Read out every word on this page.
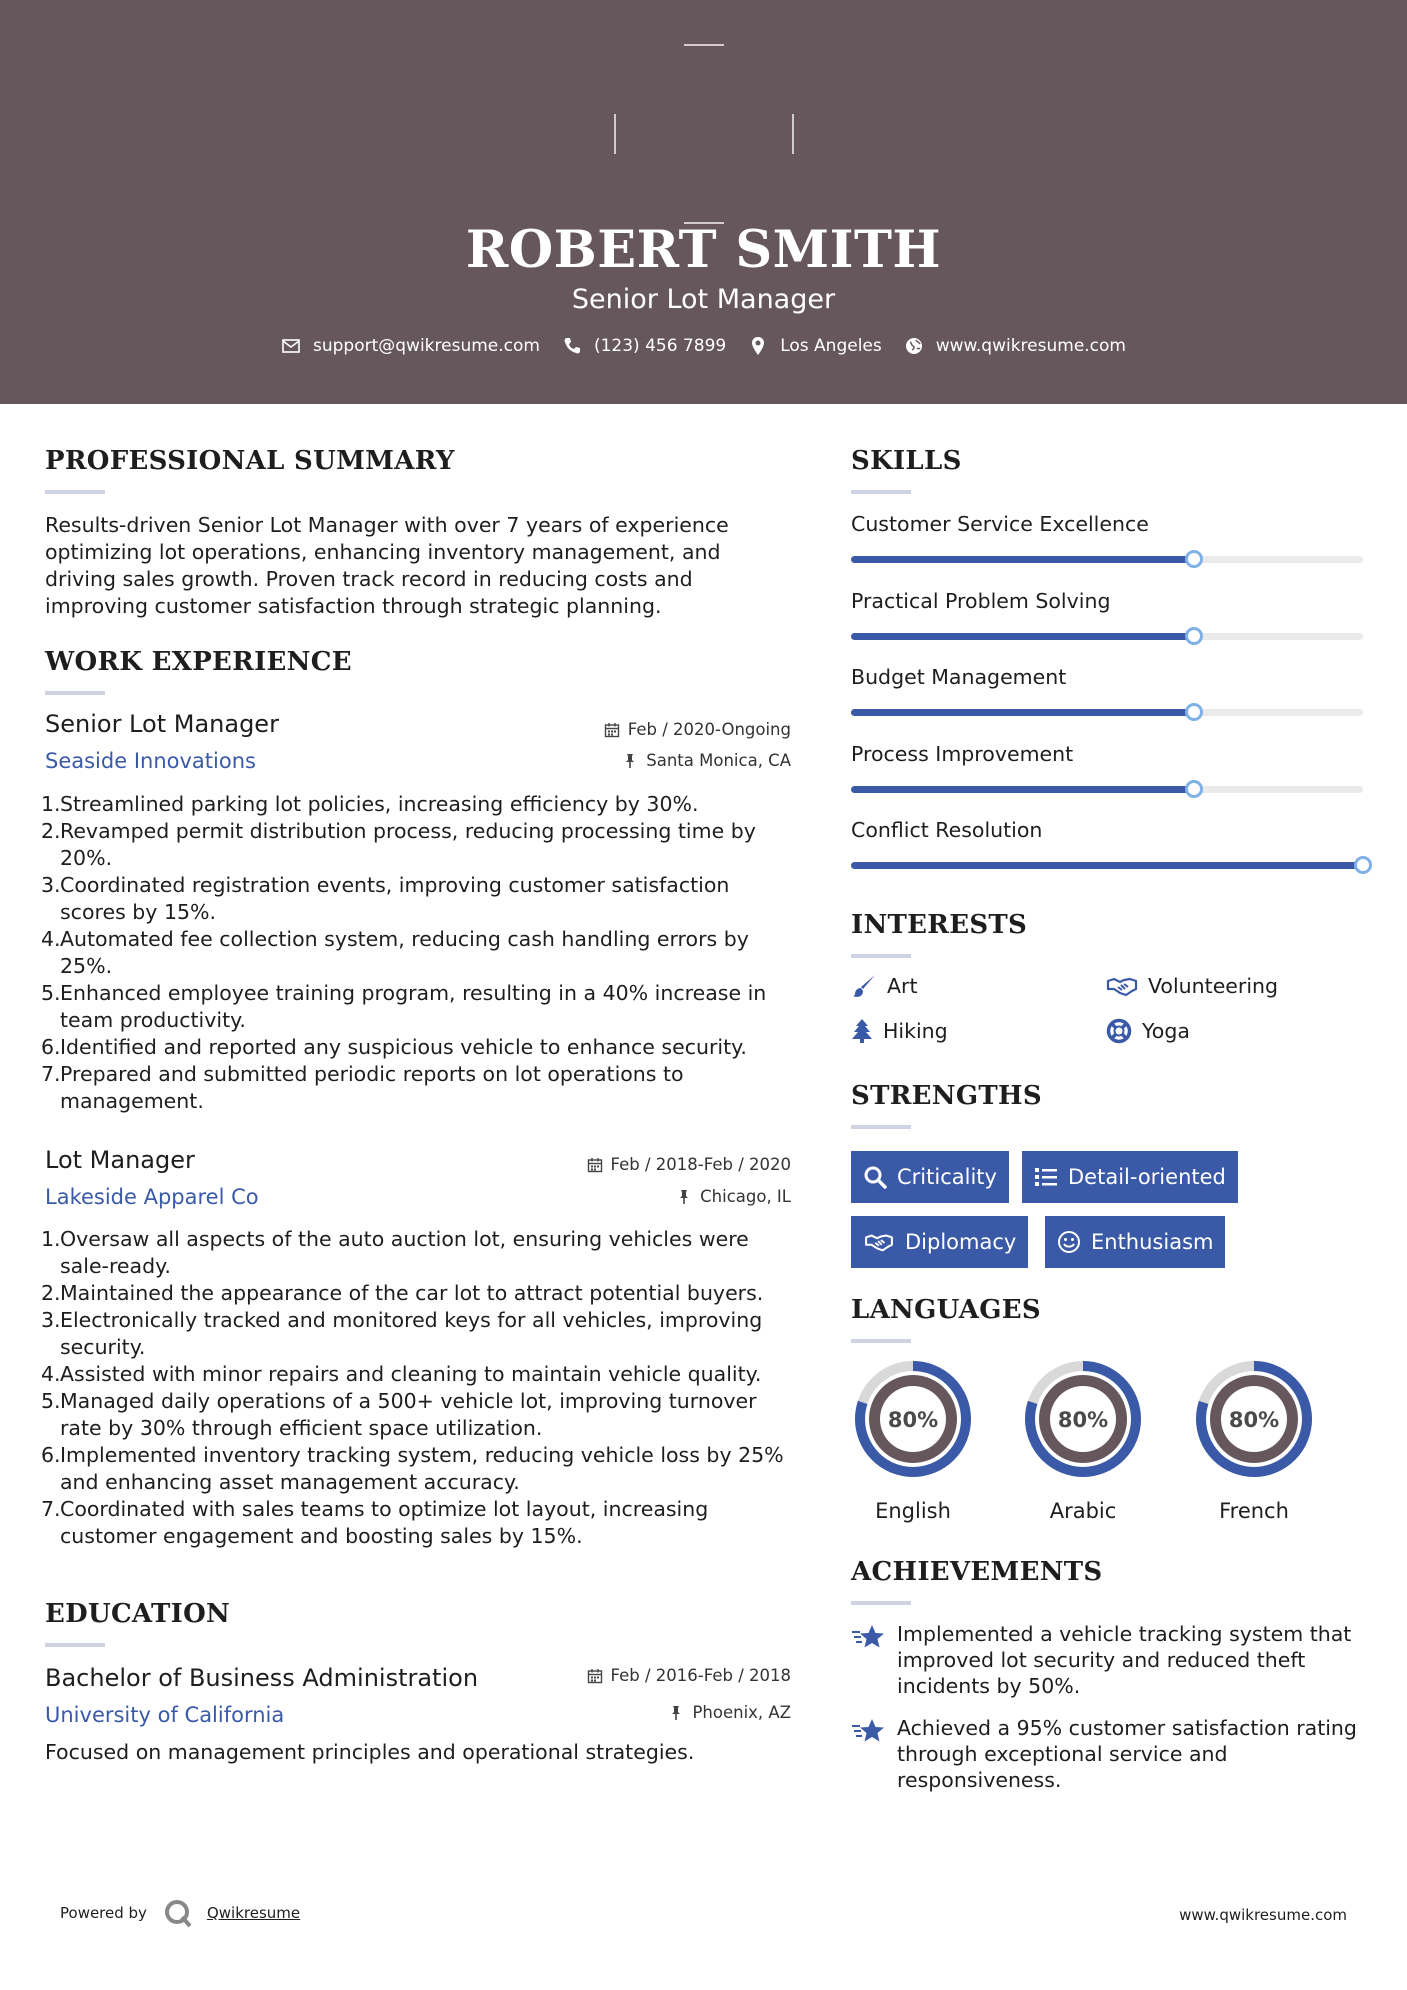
ROBERT SMITH
Senior Lot Manager
support@qwikresume.com	(123) 456 7899	Los Angeles	www.qwikresume.com
PROFESSIONAL SUMMARY
Results-driven Senior Lot Manager with over 7 years of experience
optimizing lot operations, enhancing inventory management, and
driving sales growth. Proven track record in reducing costs and
improving customer satisfaction through strategic planning.
WORK EXPERIENCE
Senior Lot Manager
Seaside Innovations
Feb / 2020-Ongoing
Santa Monica, CA
1. Streamlined parking lot policies, increasing efficiency by 30%.
2. Revamped permit distribution process, reducing processing time by
20%.
3. Coordinated registration events, improving customer satisfaction
scores by 15%.
4. Automated fee collection system, reducing cash handling errors by
25%.
5. Enhanced employee training program, resulting in a 40% increase in
team productivity.
6. Identified and reported any suspicious vehicle to enhance security.
7. Prepared and submitted periodic reports on lot operations to
management.
Lot Manager
Lakeside Apparel Co
Feb / 2018-Feb / 2020
Chicago, IL
1. Oversaw all aspects of the auto auction lot, ensuring vehicles were
sale-ready.
2. Maintained the appearance of the car lot to attract potential buyers.
3. Electronically tracked and monitored keys for all vehicles, improving
security.
4. Assisted with minor repairs and cleaning to maintain vehicle quality.
5. Managed daily operations of a 500+ vehicle lot, improving turnover
rate by 30% through efficient space utilization.
6. Implemented inventory tracking system, reducing vehicle loss by 25%
and enhancing asset management accuracy.
7. Coordinated with sales teams to optimize lot layout, increasing
customer engagement and boosting sales by 15%.
EDUCATION
Bachelor of Business Administration
University of California
Feb / 2016-Feb / 2018
Phoenix, AZ
Focused on management principles and operational strategies.
SKILLS
Customer Service Excellence
Practical Problem Solving
Budget Management
Process Improvement
Conflict Resolution
INTERESTS
Art	Volunteering
Hiking	Yoga
STRENGTHS
Criticality	Detail-oriented
Diplomacy	Enthusiasm
LANGUAGES
80%
English
80%
Arabic
80%
French
ACHIEVEMENTS
Implemented a vehicle tracking system that
improved lot security and reduced theft
incidents by 50%.
Achieved a 95% customer satisfaction rating
through exceptional service and
responsiveness.
Powered by	Qwikresume	www.qwikresume.com
